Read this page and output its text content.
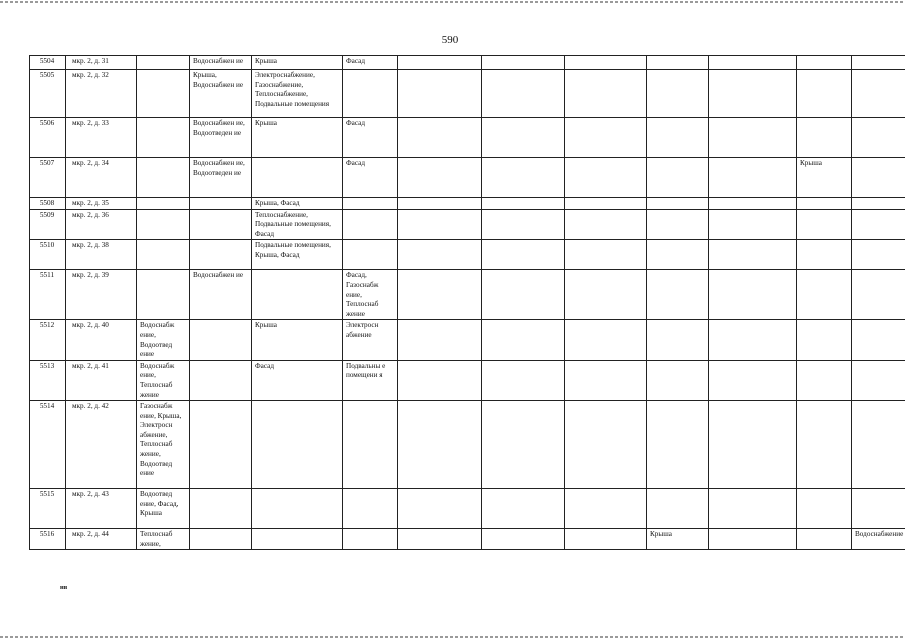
590
5504	мкр. 2, д. 31		Водоснабжен ие	Крыша	Фасад							
5505	мкр. 2, д. 32		Крыша, Водоснабжен ие	Электроснабжение, Газоснабжение, Теплоснабжение, Подвальные помещения								
5506	мкр. 2, д. 33		Водоснабжен ие, Водоотведен ие	Крыша	Фасад							
5507	мкр. 2, д. 34		Водоснабжен ие, Водоотведен ие		Фасад						Крыша	
5508	мкр. 2, д. 35			Крыша, Фасад								
5509	мкр. 2, д. 36			Теплоснабжение, Подвальные помещения, Фасад								
5510	мкр. 2, д. 38			Подвальные помещения, Крыша, Фасад								
5511	мкр. 2, д. 39		Водоснабжен ие		Фасад, Газоснабж ение, Теплоснаб жение							
5512	мкр. 2, д. 40	Водоснабж ение, Водоотвед ение		Крыша	Электросн абжение							
5513	мкр. 2, д. 41	Водоснабж ение, Теплоснаб жение		Фасад	Подвальны е помещени я							
5514	мкр. 2, д. 42	Газоснабж ение, Крыша, Электросн абжение, Теплоснаб жение, Водоотвед ение										
5515	мкр. 2, д. 43	Водоотвед ение, Фасад, Крыша										
5516	мкр. 2, д. 44	Теплоснаб жение,							Крыша			Водоснабжение
нв
